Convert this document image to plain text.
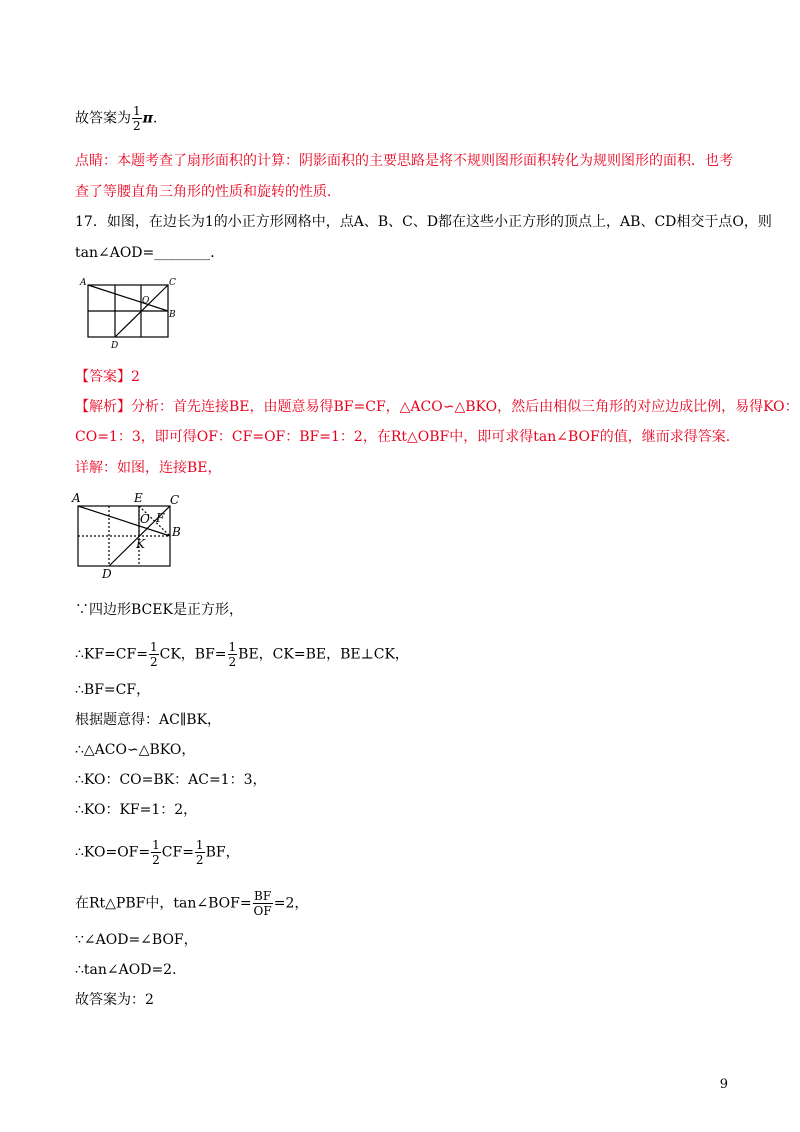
故答案为 $\frac{1}{2} \pi$.
点睛：本题考查了扇形面积的计算：阴影面积的主要思路是将不规则图形面积转化为规则图形的面积．也考
查了等腰直角三角形的性质和旋转的性质．
17．如图，在边长为1的小正方形网格中，点A、B、C、D都在这些小正方形的顶点上，AB、CD相交于点O，则
tan∠AOD=________．
A	C
O
B
D
【答案】2
【解析】分析：首先连接BE，由题意易得BF=CF，△ACO∽△BKO，然后由相似三角形的对应边成比例，易得KO：
CO=1：3，即可得OF：CF=OF：BF=1：2，在Rt△OBF中，即可求得tan∠BOF的值，继而求得答案．
详解：如图，连接BE，
A	E C
O F
B
K
D
∵四边形BCEK是正方形，
∴KF=CF= $\frac{1}{2}$ CK，$BF= \frac{1}{2}$ BE，CK=BE，BE⊥CK，
∴BF=CF，
根据题意得：AC∥BK，
∴△ACO∽△BKO，
∴KO：CO=BK：AC=1：3，
∴KO：KF=1：2，
∴KO=OF= $\frac{1}{2} CF= \frac{1}{2}$ BF，
在Rt△PBF中，tan∠BOF= $\frac{BF}{OF} =2$，
∵∠AOD=∠BOF，
∴tan∠AOD=2．
故答案为：2
9
